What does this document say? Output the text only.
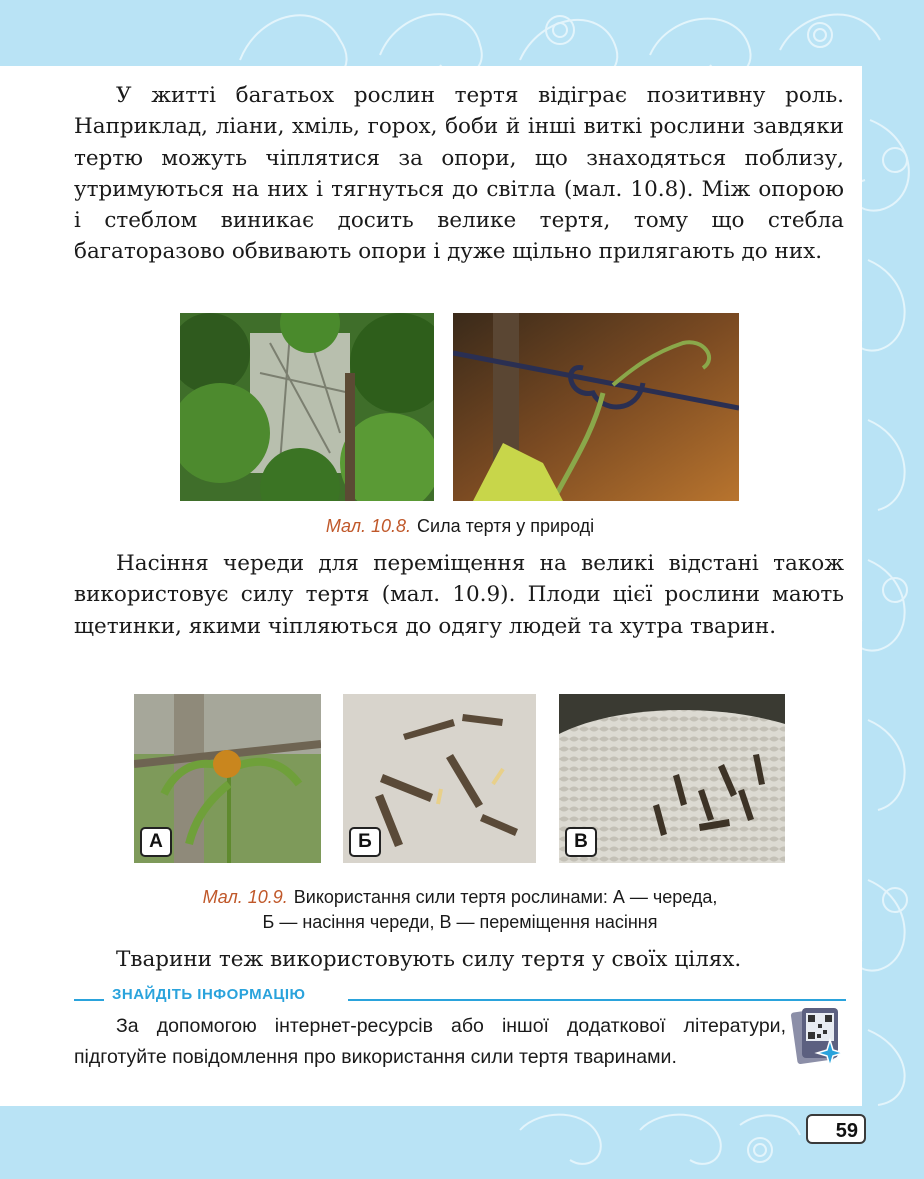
У житті багатьох рослин тертя відіграє позитивну роль. Наприклад, ліани, хміль, горох, боби й інші виткі рослини завдяки тертю можуть чіплятися за опори, що знаходяться поблизу, утримуються на них і тягнуться до світла (мал. 10.8). Між опорою і стеблом виникає досить велике тертя, тому що стебла багаторазово обвивають опори і дуже щільно прилягають до них.

Мал. 10.8. Сила тертя у природі

Насіння череди для переміщення на великі відстані також використовує силу тертя (мал. 10.9). Плоди цієї рослини мають щетинки, якими чіпляються до одягу людей та хутра тварин.

А	Б	В
Мал. 10.9. Використання сили тертя рослинами: А — череда,
Б — насіння череди, В — переміщення насіння

Тварини теж використовують силу тертя у своїх цілях.

ЗНАЙДІТЬ ІНФОРМАЦІЮ

За допомогою інтернет-ресурсів або іншої додаткової літератури, підготуйте повідомлення про використання сили тертя тваринами.

59
